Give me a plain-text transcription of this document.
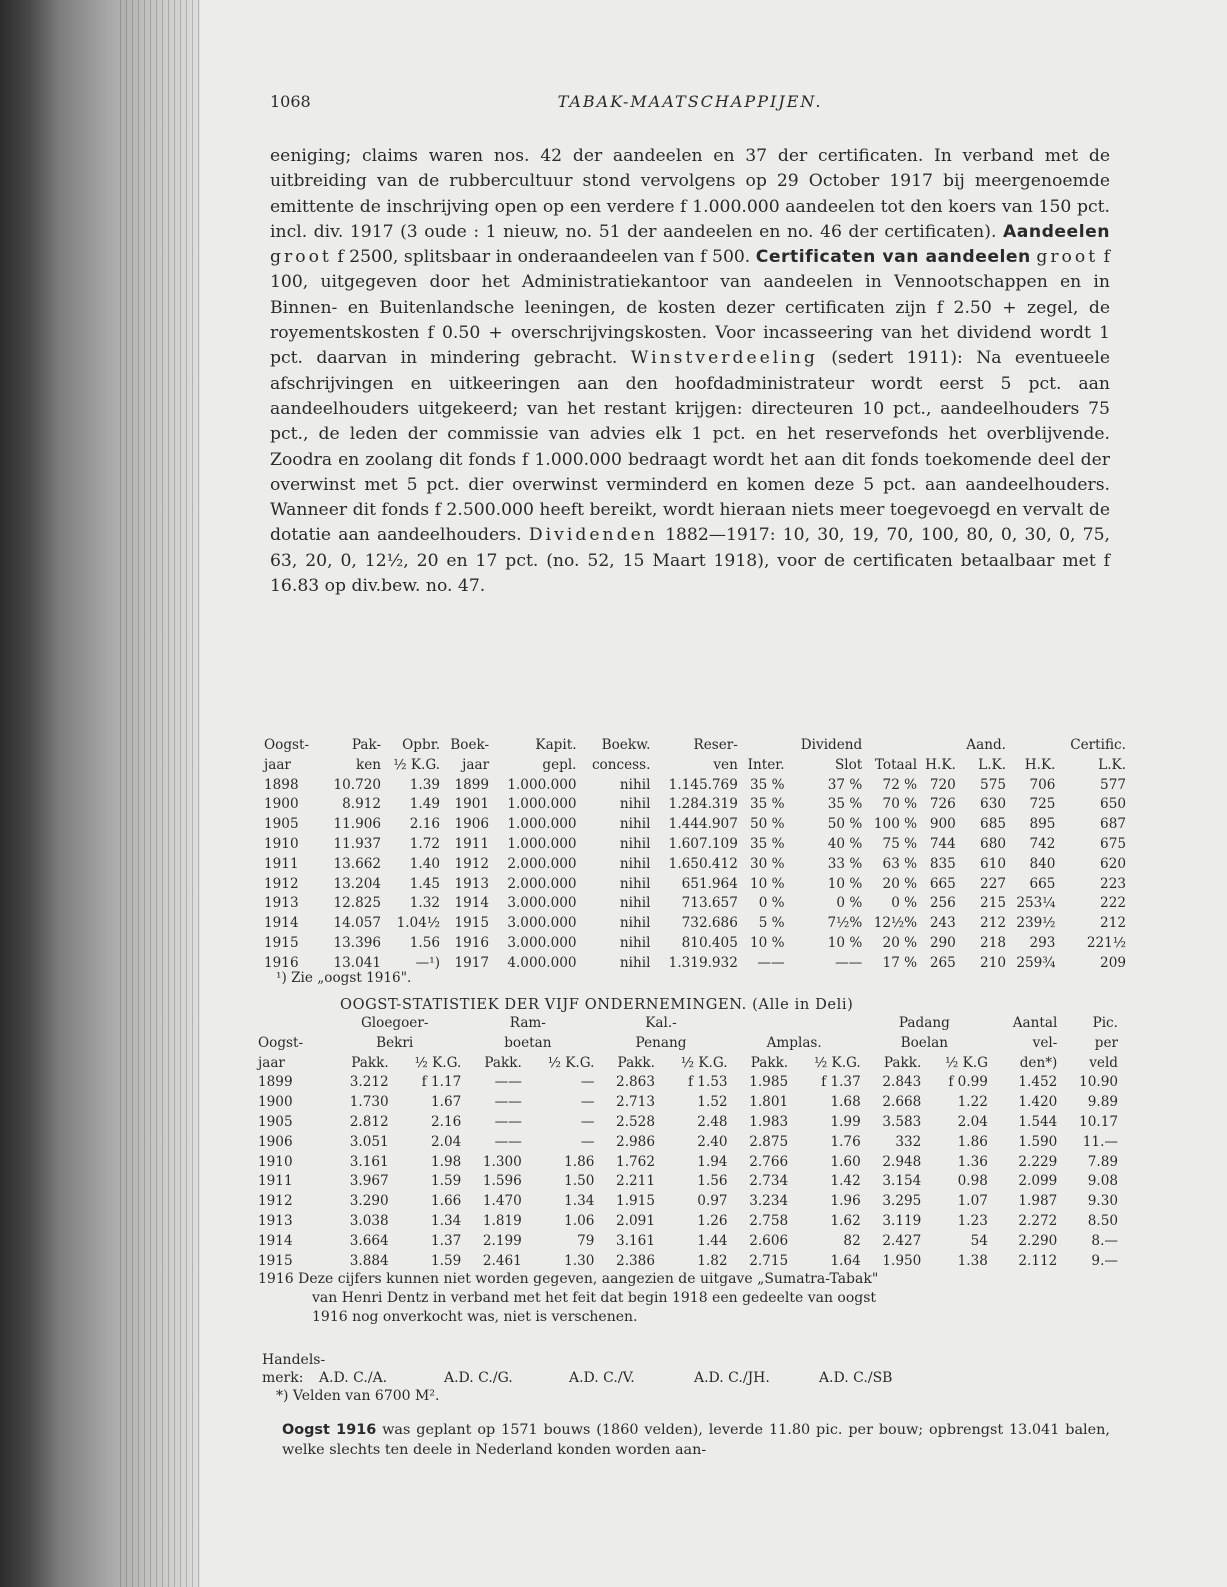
TABAK-MAATSCHAPPIJEN.
1068
eeniging; claims waren nos. 42 der aandeelen en 37 der certificaten. In verband met de uitbreiding van de rubbercultuur stond vervolgens op 29 October 1917 bij meergenoemde emittente de inschrijving open op een verdere f 1.000.000 aandeelen tot den koers van 150 pct. incl. div. 1917 (3 oude : 1 nieuw, no. 51 der aandeelen en no. 46 der certificaten). Aandeelen groot f 2500, splitsbaar in onderaandeelen van f 500. Certificaten van aandeelen groot f 100, uitgegeven door het Administratiekantoor van aandeelen in Vennootschappen en in Binnen- en Buitenlandsche leeningen, de kosten dezer certificaten zijn f 2.50 + zegel, de royementskosten f 0.50 + overschrijvingskosten. Voor incasseering van het dividend wordt 1 pct. daarvan in mindering gebracht. Winstverdeeling (sedert 1911): Na eventueele afschrijvingen en uitkeeringen aan den hoofdadministrateur wordt eerst 5 pct. aan aandeelhouders uitgekeerd; van het restant krijgen: directeuren 10 pct., aandeelhouders 75 pct., de leden der commissie van advies elk 1 pct. en het reservefonds het overblijvende. Zoodra en zoolang dit fonds f 1.000.000 bedraagt wordt het aan dit fonds toekomende deel der overwinst met 5 pct. dier overwinst verminderd en komen deze 5 pct. aan aandeelhouders. Wanneer dit fonds f 2.500.000 heeft bereikt, wordt hieraan niets meer toegevoegd en vervalt de dotatie aan aandeelhouders. Dividenden 1882—1917: 10, 30, 19, 70, 100, 80, 0, 30, 0, 75, 63, 20, 0, 12½, 20 en 17 pct. (no. 52, 15 Maart 1918), voor de certificaten betaalbaar met f 16.83 op div.bew. no. 47.
Oogst-	Pak-	Opbr.	Boek-	Kapit.	Boekw.	Reser-		Dividend			Aand.		Certific.
jaar	ken	½ K.G.	jaar	gepl.	concess.	ven	Inter.	Slot	Totaal	H.K.	L.K.	H.K.	L.K.
1898	10.720	1.39	1899	1.000.000	nihil	1.145.769	35 %	37 %	72 %	720	575	706	577
1900	8.912	1.49	1901	1.000.000	nihil	1.284.319	35 %	35 %	70 %	726	630	725	650
1905	11.906	2.16	1906	1.000.000	nihil	1.444.907	50 %	50 %	100 %	900	685	895	687
1910	11.937	1.72	1911	1.000.000	nihil	1.607.109	35 %	40 %	75 %	744	680	742	675
1911	13.662	1.40	1912	2.000.000	nihil	1.650.412	30 %	33 %	63 %	835	610	840	620
1912	13.204	1.45	1913	2.000.000	nihil	651.964	10 %	10 %	20 %	665	227	665	223
1913	12.825	1.32	1914	3.000.000	nihil	713.657	0 %	0 %	0 %	256	215	253¼	222
1914	14.057	1.04½	1915	3.000.000	nihil	732.686	5 %	7½%	12½%	243	212	239½	212
1915	13.396	1.56	1916	3.000.000	nihil	810.405	10 %	10 %	20 %	290	218	293	221½
1916	13.041	—¹)	1917	4.000.000	nihil	1.319.932	——	——	17 %	265	210	259¾	209
¹) Zie „oogst 1916".
OOGST-STATISTIEK DER VIJF ONDERNEMINGEN. (Alle in Deli)
	Gloegoer-		Ram-		Kal.-				Padang		Aantal	Pic.
Oogst-	Bekri		boetan		Penang		Amplas.		Boelan		vel-	per
jaar	Pakk.	½ K.G.	Pakk.	½ K.G.	Pakk.	½ K.G.	Pakk.	½ K.G.	Pakk.	½ K.G	den*)	veld
1899	3.212	f 1.17	——	—	2.863	f 1.53	1.985	f 1.37	2.843	f 0.99	1.452	10.90
1900	1.730	1.67	——	—	2.713	1.52	1.801	1.68	2.668	1.22	1.420	9.89
1905	2.812	2.16	——	—	2.528	2.48	1.983	1.99	3.583	2.04	1.544	10.17
1906	3.051	2.04	——	—	2.986	2.40	2.875	1.76	332	1.86	1.590	11.—
1910	3.161	1.98	1.300	1.86	1.762	1.94	2.766	1.60	2.948	1.36	2.229	7.89
1911	3.967	1.59	1.596	1.50	2.211	1.56	2.734	1.42	3.154	0.98	2.099	9.08
1912	3.290	1.66	1.470	1.34	1.915	0.97	3.234	1.96	3.295	1.07	1.987	9.30
1913	3.038	1.34	1.819	1.06	2.091	1.26	2.758	1.62	3.119	1.23	2.272	8.50
1914	3.664	1.37	2.199	79	3.161	1.44	2.606	82	2.427	54	2.290	8.—
1915	3.884	1.59	2.461	1.30	2.386	1.82	2.715	1.64	1.950	1.38	2.112	9.—
1916 Deze cijfers kunnen niet worden gegeven, aangezien de uitgave „Sumatra-Tabak"
van Henri Dentz in verband met het feit dat begin 1918 een gedeelte van oogst
1916 nog onverkocht was, niet is verschenen.
Handels-
merk:	A.D. C./A.	A.D. C./G.	A.D. C./V.	A.D. C./JH.	A.D. C./SB
*) Velden van 6700 M².
Oogst 1916 was geplant op 1571 bouws (1860 velden), leverde 11.80 pic. per bouw; opbrengst 13.041 balen, welke slechts ten deele in Nederland konden worden aan-
